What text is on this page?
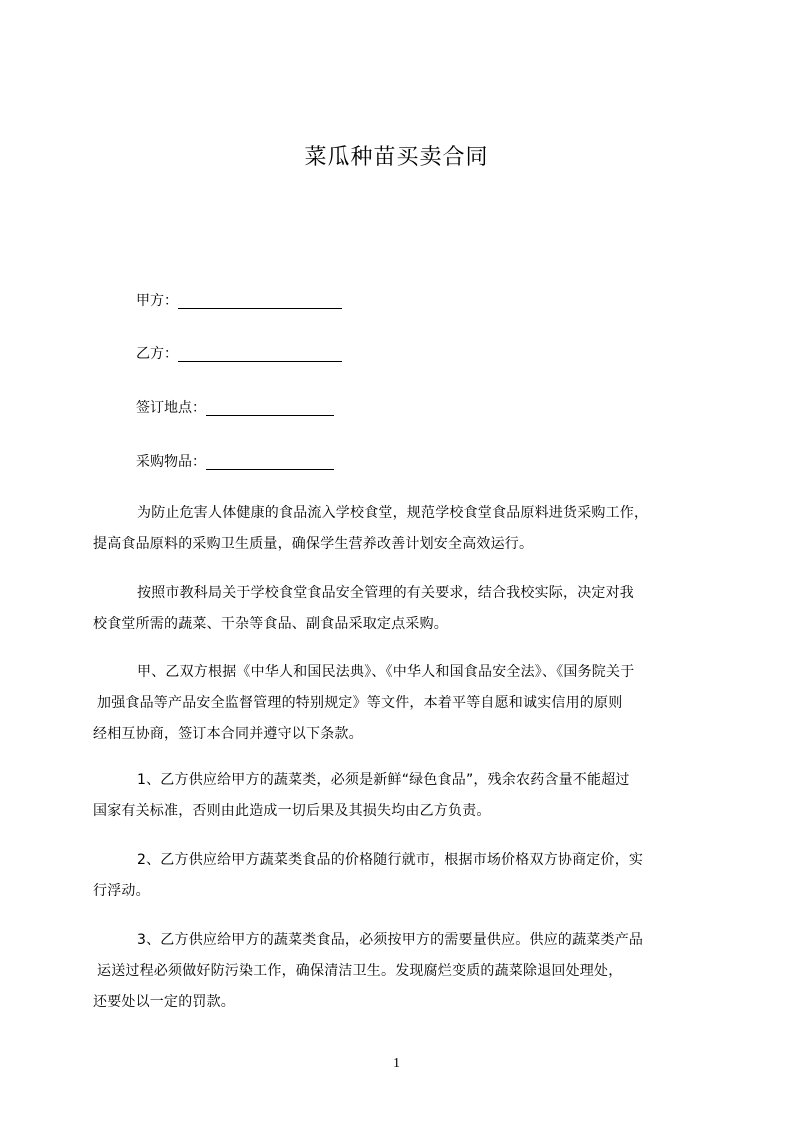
菜瓜种苗买卖合同
甲方：
乙方：
签订地点：
采购物品：
为防止危害人体健康的食品流入学校食堂，规范学校食堂食品原料进货采购工作，
提高食品原料的采购卫生质量，确保学生营养改善计划安全高效运行。
按照市教科局关于学校食堂食品安全管理的有关要求，结合我校实际，决定对我
校食堂所需的蔬菜、干杂等食品、副食品采取定点采购。
甲、乙双方根据《中华人和国民法典》、《中华人和国食品安全法》、《国务院关于
加强食品等产品安全监督管理的特别规定》等文件，本着平等自愿和诚实信用的原则
经相互协商，签订本合同并遵守以下条款。
1、乙方供应给甲方的蔬菜类，必须是新鲜“绿色食品”，残余农药含量不能超过
国家有关标准，否则由此造成一切后果及其损失均由乙方负责。
2、乙方供应给甲方蔬菜类食品的价格随行就市，根据市场价格双方协商定价，实
行浮动。
3、乙方供应给甲方的蔬菜类食品，必须按甲方的需要量供应。供应的蔬菜类产品
运送过程必须做好防污染工作，确保清洁卫生。发现腐烂变质的蔬菜除退回处理处，
还要处以一定的罚款。
1
